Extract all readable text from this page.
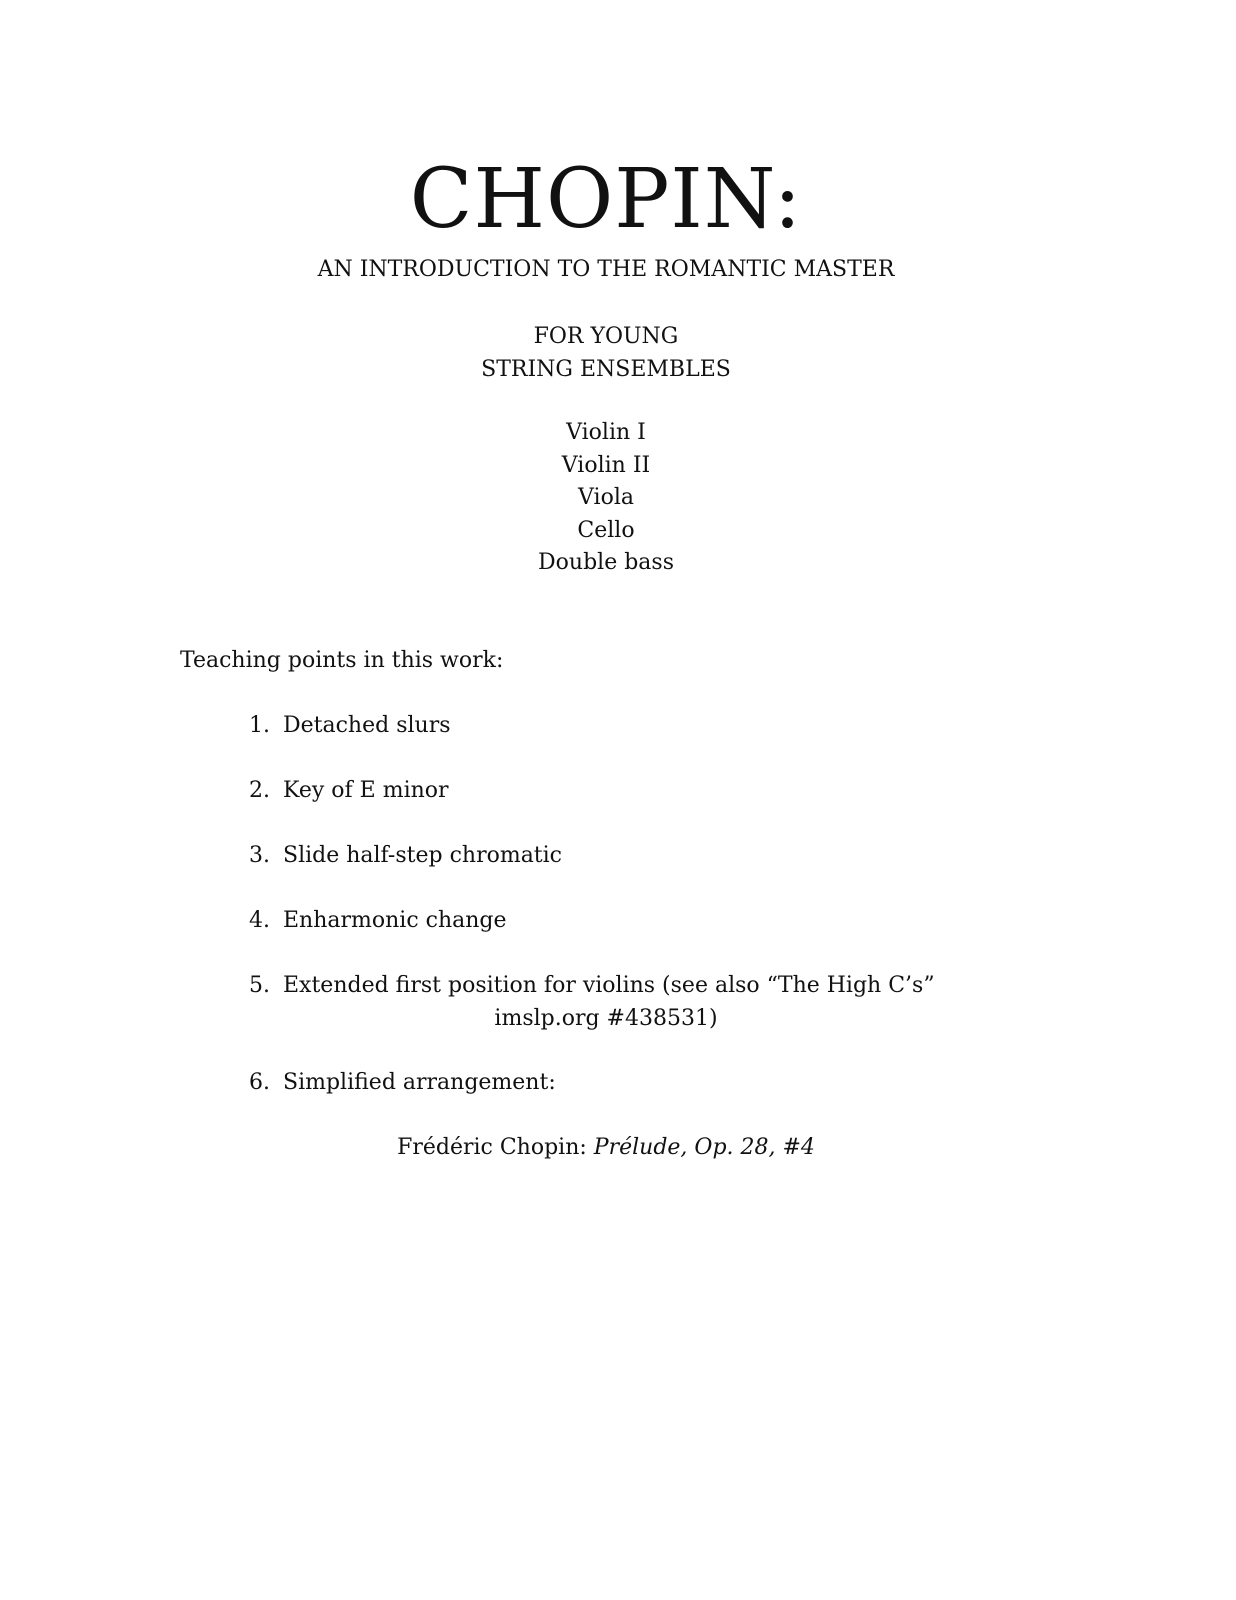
CHOPIN:
AN INTRODUCTION TO THE ROMANTIC MASTER
FOR YOUNG
STRING ENSEMBLES
Violin I
Violin II
Viola
Cello
Double bass
Teaching points in this work:
1. Detached slurs
2. Key of E minor
3. Slide half-step chromatic
4. Enharmonic change
5. Extended first position for violins (see also “The High C’s”
imslp.org #438531)
6. Simplified arrangement:
Frédéric Chopin: Prélude, Op. 28, #4
